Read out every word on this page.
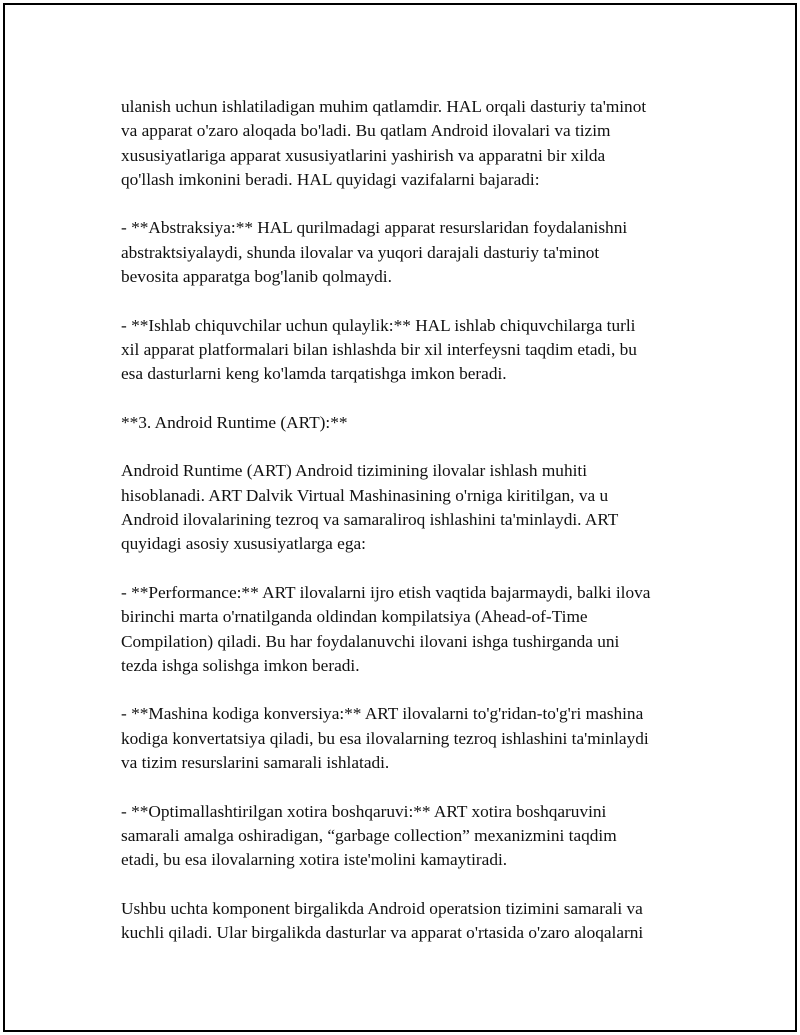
ulanish uchun ishlatiladigan muhim qatlamdir. HAL orqali dasturiy ta'minot
va apparat o'zaro aloqada bo'ladi. Bu qatlam Android ilovalari va tizim
xususiyatlariga apparat xususiyatlarini yashirish va apparatni bir xilda
qo'llash imkonini beradi. HAL quyidagi vazifalarni bajaradi:

- **Abstraksiya:** HAL qurilmadagi apparat resurslaridan foydalanishni
abstraktsiyalaydi, shunda ilovalar va yuqori darajali dasturiy ta'minot
bevosita apparatga bog'lanib qolmaydi.

- **Ishlab chiquvchilar uchun qulaylik:** HAL ishlab chiquvchilarga turli
xil apparat platformalari bilan ishlashda bir xil interfeysni taqdim etadi, bu
esa dasturlarni keng ko'lamda tarqatishga imkon beradi.

**3. Android Runtime (ART):**

Android Runtime (ART) Android tizimining ilovalar ishlash muhiti
hisoblanadi. ART Dalvik Virtual Mashinasining o'rniga kiritilgan, va u
Android ilovalarining tezroq va samaraliroq ishlashini ta'minlaydi. ART
quyidagi asosiy xususiyatlarga ega:

- **Performance:** ART ilovalarni ijro etish vaqtida bajarmaydi, balki ilova
birinchi marta o'rnatilganda oldindan kompilatsiya (Ahead-of-Time
Compilation) qiladi. Bu har foydalanuvchi ilovani ishga tushirganda uni
tezda ishga solishga imkon beradi.

- **Mashina kodiga konversiya:** ART ilovalarni to'g'ridan-to'g'ri mashina
kodiga konvertatsiya qiladi, bu esa ilovalarning tezroq ishlashini ta'minlaydi
va tizim resurslarini samarali ishlatadi.

- **Optimallashtirilgan xotira boshqaruvi:** ART xotira boshqaruvini
samarali amalga oshiradigan, “garbage collection” mexanizmini taqdim
etadi, bu esa ilovalarning xotira iste'molini kamaytiradi.

Ushbu uchta komponent birgalikda Android operatsion tizimini samarali va
kuchli qiladi. Ular birgalikda dasturlar va apparat o'rtasida o'zaro aloqalarni
